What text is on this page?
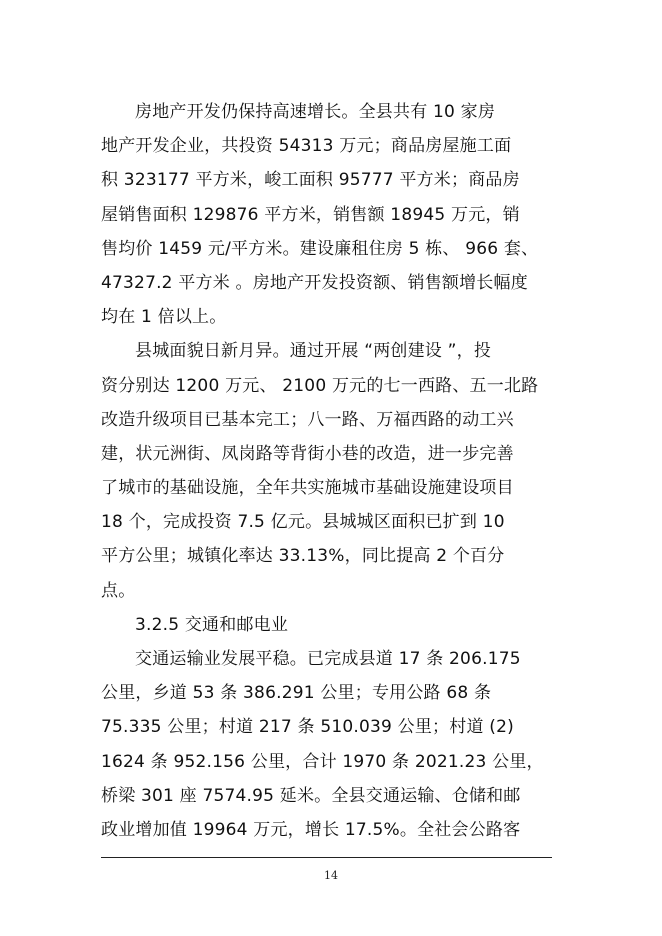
房地产开发仍保持高速增长。全县共有 10 家房
地产开发企业，共投资 54313 万元；商品房屋施工面
积 323177 平方米，峻工面积 95777 平方米；商品房
屋销售面积 129876 平方米，销售额 18945 万元，销
售均价 1459 元/平方米。建设廉租住房 5 栋、 966 套、
47327.2 平方米 。房地产开发投资额、销售额增长幅度
均在 1 倍以上。
县城面貌日新月异。通过开展 “两创建设 ”，投
资分别达 1200 万元、 2100 万元的七一西路、五一北路
改造升级项目已基本完工；八一路、万福西路的动工兴
建，状元洲街、凤岗路等背街小巷的改造，进一步完善
了城市的基础设施，全年共实施城市基础设施建设项目
18 个，完成投资 7.5 亿元。县城城区面积已扩到 10
平方公里；城镇化率达 33.13%，同比提高 2 个百分
点。
3.2.5 交通和邮电业
交通运输业发展平稳。已完成县道 17 条 206.175
公里，乡道 53 条 386.291 公里；专用公路 68 条
75.335 公里；村道 217 条 510.039 公里；村道 (2)
1624 条 952.156 公里，合计 1970 条 2021.23 公里，
桥梁 301 座 7574.95 延米。全县交通运输、仓储和邮
政业增加值 19964 万元，增长 17.5%。全社会公路客
14
